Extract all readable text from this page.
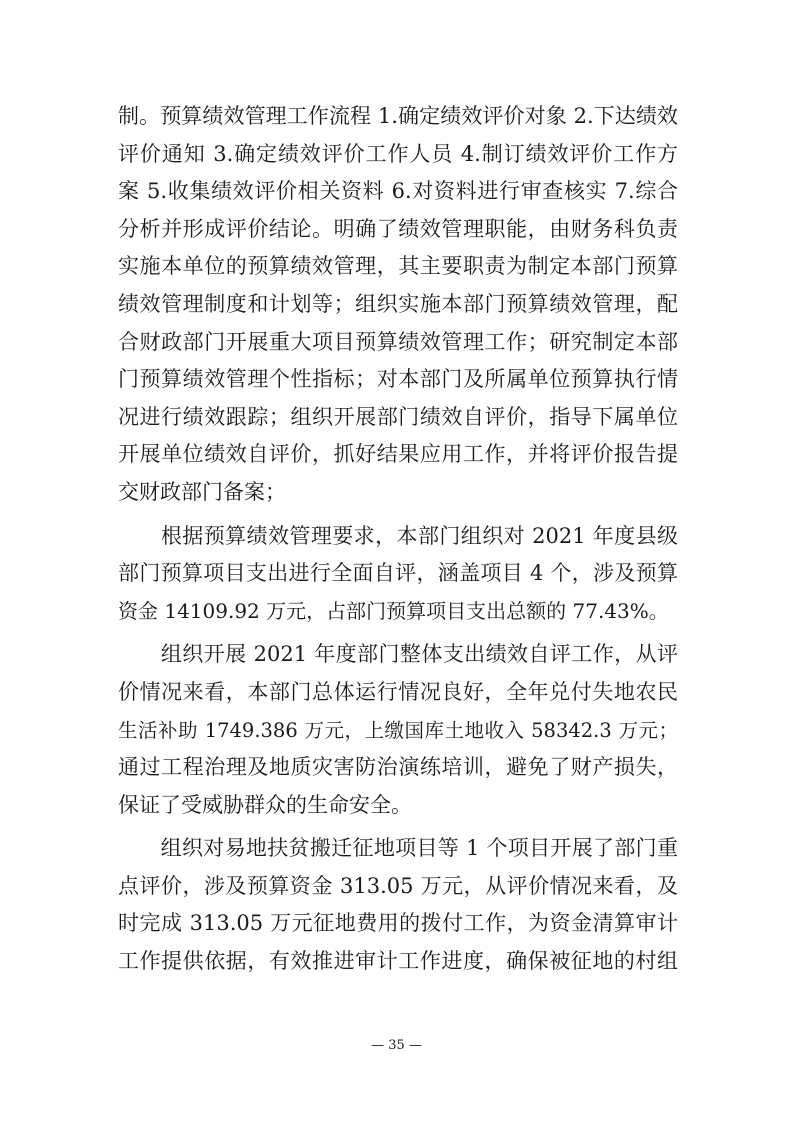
制。预算绩效管理工作流程 1.确定绩效评价对象 2.下达绩效
评价通知 3.确定绩效评价工作人员 4.制订绩效评价工作方
案 5.收集绩效评价相关资料 6.对资料进行审查核实 7.综合
分析并形成评价结论。明确了绩效管理职能，由财务科负责
实施本单位的预算绩效管理，其主要职责为制定本部门预算
绩效管理制度和计划等；组织实施本部门预算绩效管理，配
合财政部门开展重大项目预算绩效管理工作；研究制定本部
门预算绩效管理个性指标；对本部门及所属单位预算执行情
况进行绩效跟踪；组织开展部门绩效自评价，指导下属单位
开展单位绩效自评价，抓好结果应用工作，并将评价报告提
交财政部门备案；
　　根据预算绩效管理要求，本部门组织对 2021 年度县级
部门预算项目支出进行全面自评，涵盖项目 4 个，涉及预算
资金 14109.92 万元，占部门预算项目支出总额的 77.43%。
　　组织开展 2021 年度部门整体支出绩效自评工作，从评
价情况来看，本部门总体运行情况良好，全年兑付失地农民
生活补助 1749.386 万元，上缴国库土地收入 58342.3 万元；
通过工程治理及地质灾害防治演练培训，避免了财产损失，
保证了受威胁群众的生命安全。
　　组织对易地扶贫搬迁征地项目等 1 个项目开展了部门重
点评价，涉及预算资金 313.05 万元，从评价情况来看，及
时完成 313.05 万元征地费用的拨付工作，为资金清算审计
工作提供依据，有效推进审计工作进度，确保被征地的村组
— 35 —
